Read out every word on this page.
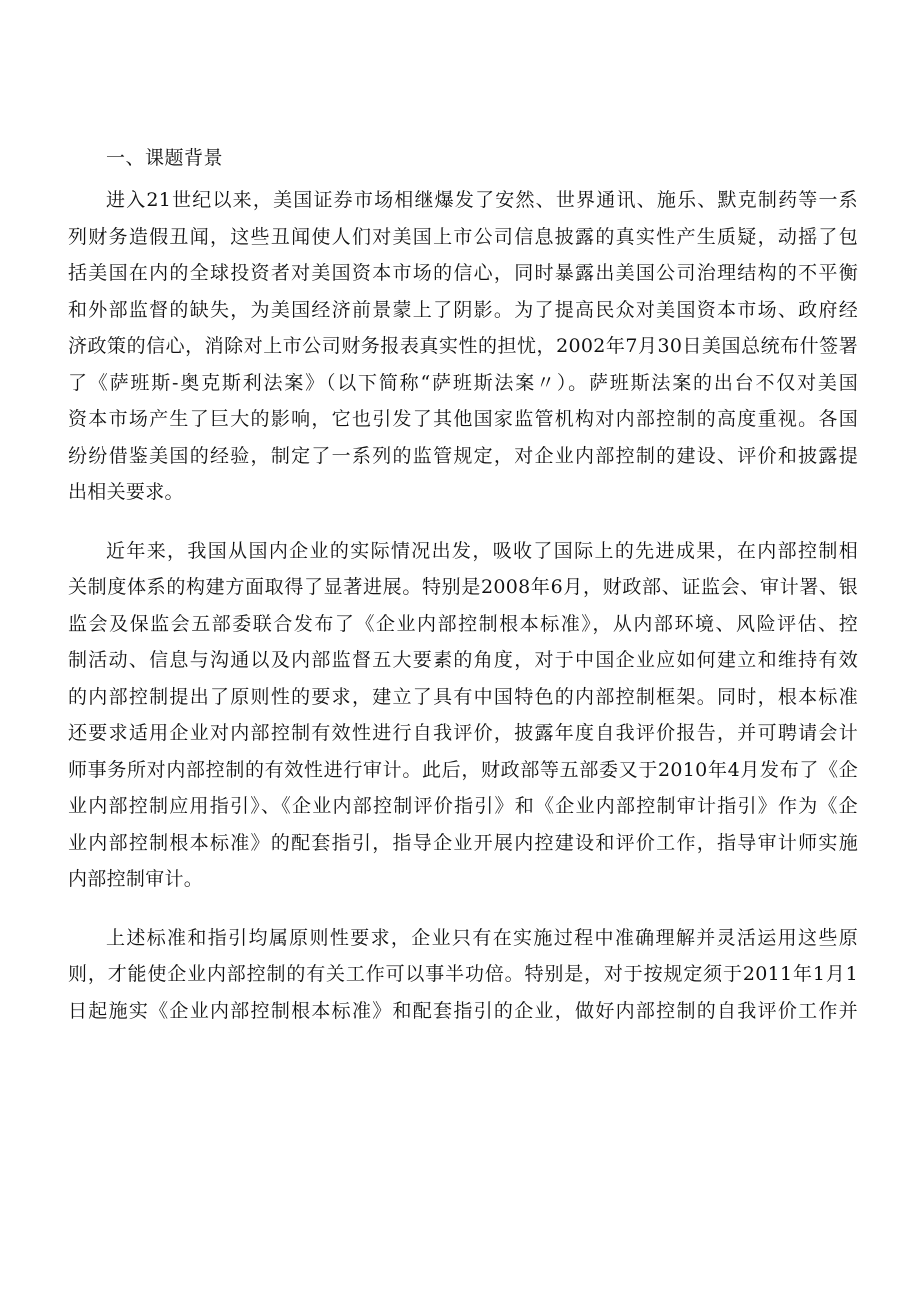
一、课题背景

进入21世纪以来，美国证券市场相继爆发了安然、世界通讯、施乐、默克制药等一系
列财务造假丑闻，这些丑闻使人们对美国上市公司信息披露的真实性产生质疑，动摇了包
括美国在内的全球投资者对美国资本市场的信心，同时暴露出美国公司治理结构的不平衡
和外部监督的缺失，为美国经济前景蒙上了阴影。为了提高民众对美国资本市场、政府经
济政策的信心，消除对上市公司财务报表真实性的担忧，2002年7月30日美国总统布什签署
了《萨班斯-奥克斯利法案》（以下简称“萨班斯法案〃）。萨班斯法案的出台不仅对美国
资本市场产生了巨大的影响，它也引发了其他国家监管机构对内部控制的高度重视。各国
纷纷借鉴美国的经验，制定了一系列的监管规定，对企业内部控制的建设、评价和披露提
出相关要求。

近年来，我国从国内企业的实际情况出发，吸收了国际上的先进成果，在内部控制相
关制度体系的构建方面取得了显著进展。特别是2008年6月，财政部、证监会、审计署、银
监会及保监会五部委联合发布了《企业内部控制根本标准》，从内部环境、风险评估、控
制活动、信息与沟通以及内部监督五大要素的角度，对于中国企业应如何建立和维持有效
的内部控制提出了原则性的要求，建立了具有中国特色的内部控制框架。同时，根本标准
还要求适用企业对内部控制有效性进行自我评价，披露年度自我评价报告，并可聘请会计
师事务所对内部控制的有效性进行审计。此后，财政部等五部委又于2010年4月发布了《企
业内部控制应用指引》、《企业内部控制评价指引》和《企业内部控制审计指引》作为《企
业内部控制根本标准》的配套指引，指导企业开展内控建设和评价工作，指导审计师实施
内部控制审计。

上述标准和指引均属原则性要求，企业只有在实施过程中准确理解并灵活运用这些原
则，才能使企业内部控制的有关工作可以事半功倍。特别是，对于按规定须于2011年1月1
日起施实《企业内部控制根本标准》和配套指引的企业，做好内部控制的自我评价工作并
